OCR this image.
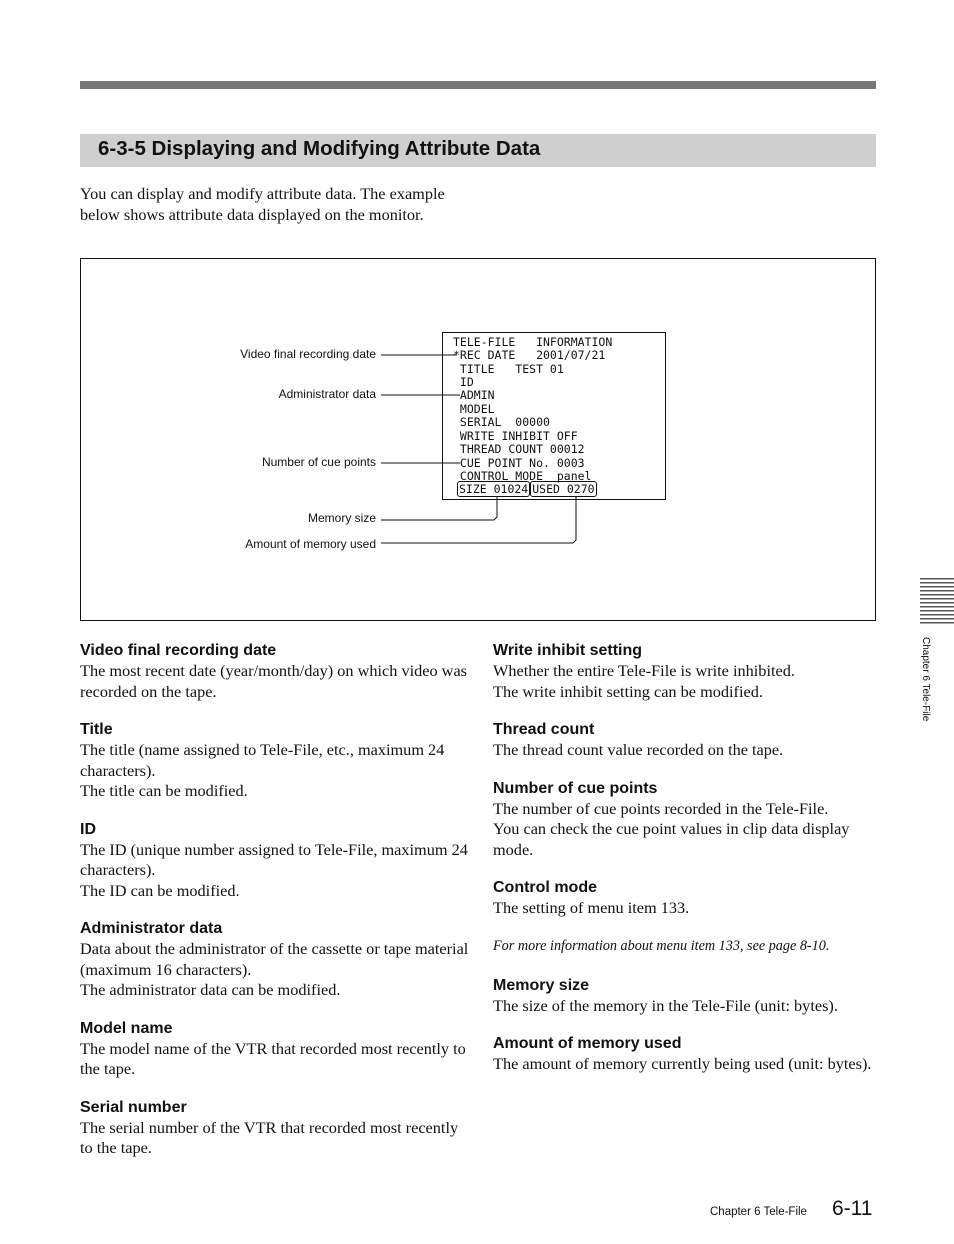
6-3-5 Displaying and Modifying Attribute Data

You can display and modify attribute data. The example below shows attribute data displayed on the monitor.

Video final recording date
Administrator data
Number of cue points
Memory size
Amount of memory used
TELE-FILE   INFORMATION
*REC DATE   2001/07/21
TITLE   TEST 01
ID
ADMIN
MODEL
SERIAL  00000
WRITE INHIBIT OFF
THREAD COUNT 00012
CUE POINT No. 0003
CONTROL MODE  panel
SIZE 01024 USED 0270
Video final recording date

The most recent date (year/month/day) on which video was recorded on the tape.

Title

The title (name assigned to Tele-File, etc., maximum 24 characters).

The title can be modified.

ID

The ID (unique number assigned to Tele-File, maximum 24 characters).

The ID can be modified.

Administrator data

Data about the administrator of the cassette or tape material (maximum 16 characters).

The administrator data can be modified.

Model name

The model name of the VTR that recorded most recently to the tape.

Serial number

The serial number of the VTR that recorded most recently to the tape.

Write inhibit setting

Whether the entire Tele-File is write inhibited.

The write inhibit setting can be modified.

Thread count

The thread count value recorded on the tape.

Number of cue points

The number of cue points recorded in the Tele-File.

You can check the cue point values in clip data display mode.

Control mode

The setting of menu item 133.

For more information about menu item 133, see page 8-10.

Memory size

The size of the memory in the Tele-File (unit: bytes).

Amount of memory used

The amount of memory currently being used (unit: bytes).

Chapter 6 Tele-File
Chapter 6 Tele-File 6-11
